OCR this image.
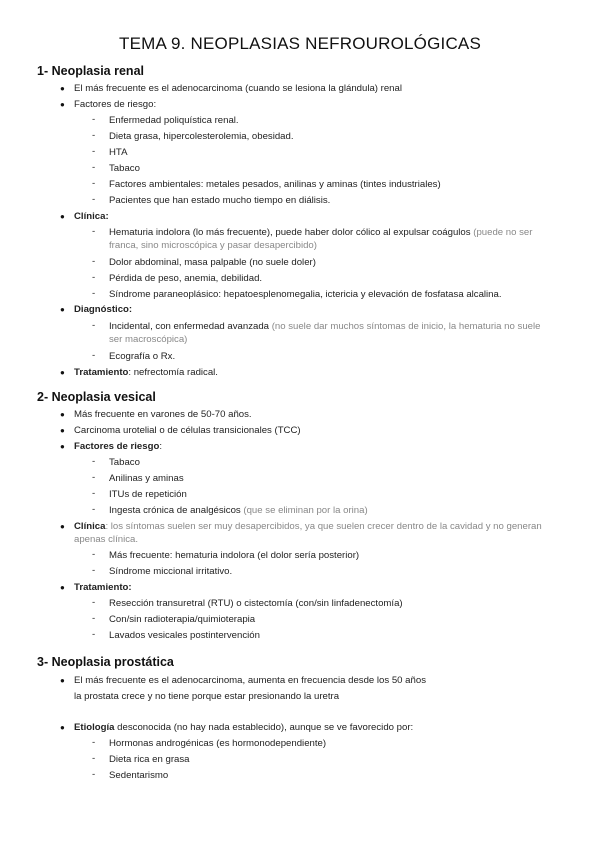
TEMA 9. NEOPLASIAS NEFROUROLÓGICAS
1- Neoplasia renal
● El más frecuente es el adenocarcinoma (cuando se lesiona la glándula) renal
● Factores de riesgo:
- Enfermedad poliquística renal.
- Dieta grasa, hipercolesterolemia, obesidad.
- HTA
- Tabaco
- Factores ambientales: metales pesados, anilinas y aminas (tintes industriales)
- Pacientes que han estado mucho tiempo en diálisis.
● Clínica:
- Hematuria indolora (lo más frecuente), puede haber dolor cólico al expulsar coágulos (puede no ser
franca, sino microscópica y pasar desapercibido)
- Dolor abdominal, masa palpable (no suele doler)
- Pérdida de peso, anemia, debilidad.
- Síndrome paraneoplásico: hepatoesplenomegalia, ictericia y elevación de fosfatasa alcalina.
● Diagnóstico:
- Incidental, con enfermedad avanzada (no suele dar muchos síntomas de inicio, la hematuria no suele
ser macroscópica)
- Ecografía o Rx.
● Tratamiento: nefrectomía radical.
2- Neoplasia vesical
● Más frecuente en varones de 50-70 años.
● Carcinoma urotelial o de células transicionales (TCC)
● Factores de riesgo:
- Tabaco
- Anilinas y aminas
- ITUs de repetición
- Ingesta crónica de analgésicos (que se eliminan por la orina)
● Clínica: los síntomas suelen ser muy desapercibidos, ya que suelen crecer dentro de la cavidad y no generan
apenas clínica.
- Más frecuente: hematuria indolora (el dolor sería posterior)
- Síndrome miccional irritativo.
● Tratamiento:
- Resección transuretral (RTU) o cistectomía (con/sin linfadenectomía)
- Con/sin radioterapia/quimioterapia
- Lavados vesicales postintervención
3- Neoplasia prostática
● El más frecuente es el adenocarcinoma, aumenta en frecuencia desde los 50 años
la prostata crece y no tiene porque estar presionando la uretra
● Etiología desconocida (no hay nada establecido), aunque se ve favorecido por:
- Hormonas androgénicas (es hormonodependiente)
- Dieta rica en grasa
- Sedentarismo
